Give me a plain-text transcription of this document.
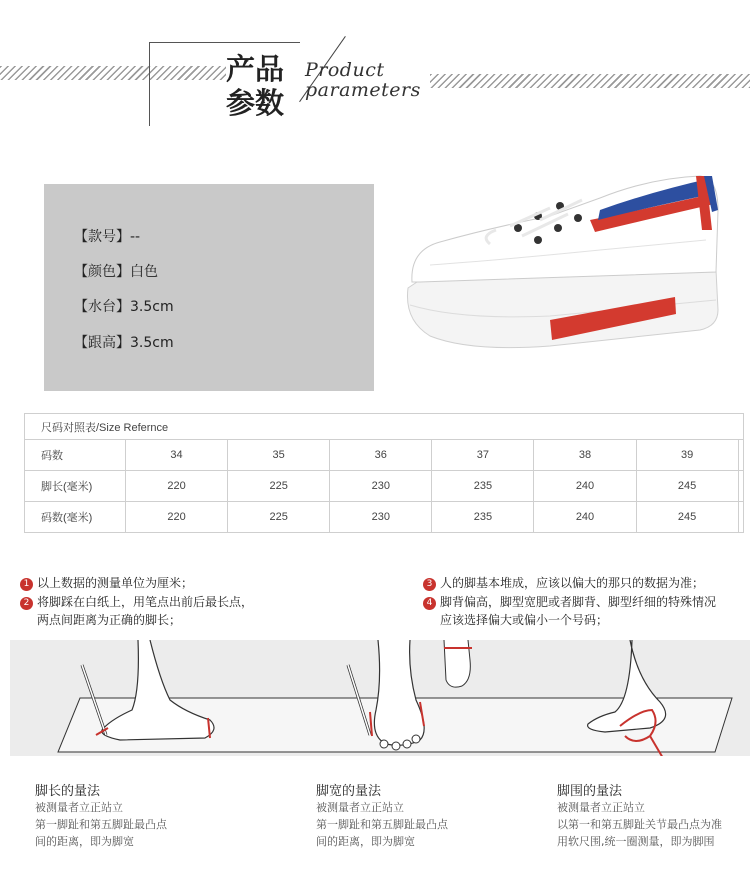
产品
参数
Product
parameters
【款号】--
【颜色】白色
【水台】3.5cm
【跟高】3.5cm
尺码对照表/Size Refernce							
码数	34	35	36	37	38	39	
脚长(毫米)	220	225	230	235	240	245	
码数(毫米)	220	225	230	235	240	245	
1 以上数据的测量单位为厘米；
2 将脚踩在白纸上，用笔点出前后最长点，
两点间距离为正确的脚长；
3 人的脚基本堆成，应该以偏大的那只的数据为准；
4 脚背偏高，脚型宽肥或者脚背、脚型纤细的特殊情况
应该选择偏大或偏小一个号码；
脚长的量法
被测量者立正站立
第一脚趾和第五脚趾最凸点
间的距离，即为脚宽
脚宽的量法
被测量者立正站立
第一脚趾和第五脚趾最凸点
间的距离，即为脚宽
脚围的量法
被测量者立正站立
以第一和第五脚趾关节最凸点为准
用软尺围,统一圈测量，即为脚围
